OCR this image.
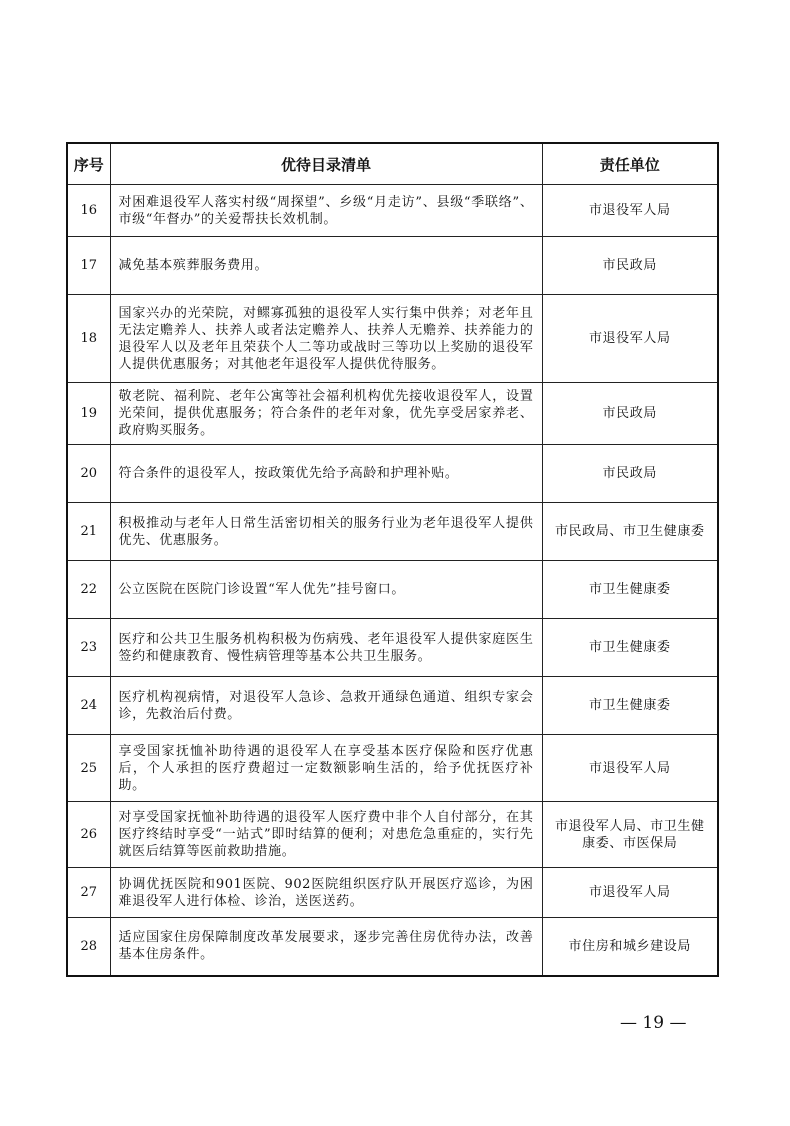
序号	优待目录清单	责任单位
16	对困难退役军人落实村级“周探望”、乡级“月走访”、县级“季联络”、市级“年督办”的关爱帮扶长效机制。	市退役军人局
17	减免基本殡葬服务费用。	市民政局
18	国家兴办的光荣院，对鳏寡孤独的退役军人实行集中供养；对老年且无法定赡养人、扶养人或者法定赡养人、扶养人无赡养、扶养能力的退役军人以及老年且荣获个人二等功或战时三等功以上奖励的退役军人提供优惠服务；对其他老年退役军人提供优待服务。	市退役军人局
19	敬老院、福利院、老年公寓等社会福利机构优先接收退役军人，设置光荣间，提供优惠服务；符合条件的老年对象，优先享受居家养老、政府购买服务。	市民政局
20	符合条件的退役军人，按政策优先给予高龄和护理补贴。	市民政局
21	积极推动与老年人日常生活密切相关的服务行业为老年退役军人提供优先、优惠服务。	市民政局、市卫生健康委
22	公立医院在医院门诊设置“军人优先”挂号窗口。	市卫生健康委
23	医疗和公共卫生服务机构积极为伤病残、老年退役军人提供家庭医生签约和健康教育、慢性病管理等基本公共卫生服务。	市卫生健康委
24	医疗机构视病情，对退役军人急诊、急救开通绿色通道、组织专家会诊，先救治后付费。	市卫生健康委
25	享受国家抚恤补助待遇的退役军人在享受基本医疗保险和医疗优惠后，个人承担的医疗费超过一定数额影响生活的，给予优抚医疗补助。	市退役军人局
26	对享受国家抚恤补助待遇的退役军人医疗费中非个人自付部分，在其医疗终结时享受“一站式”即时结算的便利；对患危急重症的，实行先就医后结算等医前救助措施。	市退役军人局、市卫生健康委、市医保局
27	协调优抚医院和901医院、902医院组织医疗队开展医疗巡诊，为困难退役军人进行体检、诊治，送医送药。	市退役军人局
28	适应国家住房保障制度改革发展要求，逐步完善住房优待办法，改善基本住房条件。	市住房和城乡建设局
— 19 —
